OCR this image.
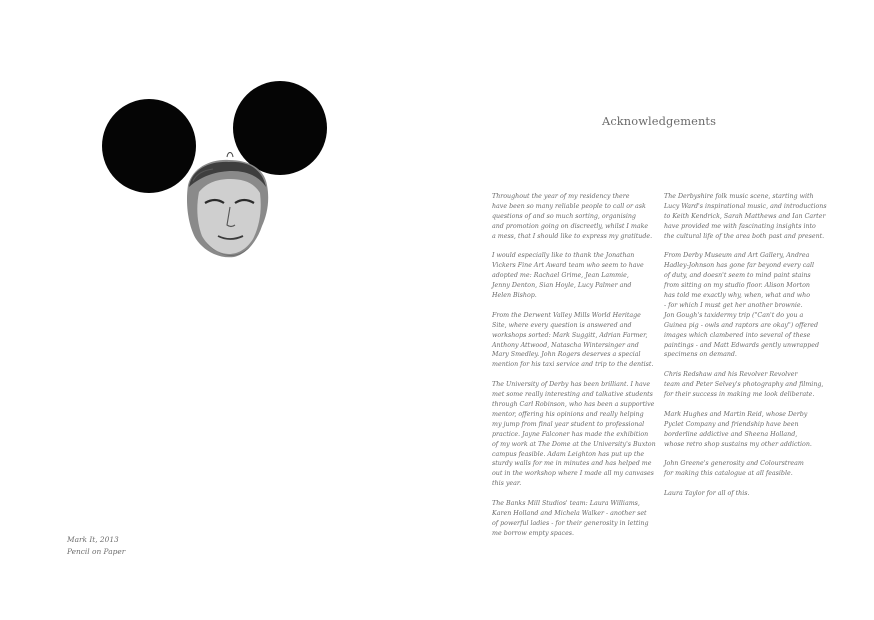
Mark It, 2013
Pencil on Paper
Acknowledgements

Throughout the year of my residency there
have been so many reliable people to call or ask
questions of and so much sorting, organising
and promotion going on discreetly, whilst I make
a mess, that I should like to express my gratitude.

I would especially like to thank the Jonathan
Vickers Fine Art Award team who seem to have
adopted me: Rachael Grime, Jean Lammie,
Jenny Denton, Sian Hoyle, Lucy Palmer and
Helen Bishop.

From the Derwent Valley Mills World Heritage
Site, where every question is answered and
workshops sorted: Mark Suggitt, Adrian Farmer,
Anthony Attwood, Natascha Wintersinger and
Mary Smedley. John Rogers deserves a special
mention for his taxi service and trip to the dentist.

The University of Derby has been brilliant. I have
met some really interesting and talkative students
through Carl Robinson, who has been a supportive
mentor, offering his opinions and really helping
my jump from final year student to professional
practice. Jayne Falconer has made the exhibition
of my work at The Dome at the University's Buxton
campus feasible. Adam Leighton has put up the
sturdy walls for me in minutes and has helped me
out in the workshop where I made all my canvases
this year.

The Banks Mill Studios' team: Laura Williams,
Karen Holland and Michela Walker - another set
of powerful ladies - for their generosity in letting
me borrow empty spaces.

The Derbyshire folk music scene, starting with
Lucy Ward's inspirational music, and introductions
to Keith Kendrick, Sarah Matthews and Ian Carter
have provided me with fascinating insights into
the cultural life of the area both past and present.

From Derby Museum and Art Gallery, Andrea
Hadley-Johnson has gone far beyond every call
of duty, and doesn't seem to mind paint stains
from sitting on my studio floor. Alison Morton
has told me exactly why, when, what and who
- for which I must get her another brownie.
Jon Gough's taxidermy trip ("Can't do you a
Guinea pig - owls and raptors are okay") offered
images which clambered into several of these
paintings - and Matt Edwards gently unwrapped
specimens on demand.

Chris Redshaw and his Revolver Revolver
team and Peter Selvey's photography and filming,
for their success in making me look deliberate.

Mark Hughes and Martin Reid, whose Derby
Pyclet Company and friendship have been
borderline addictive and Sheena Holland,
whose retro shop sustains my other addiction.

John Greene's generosity and Colourstream
for making this catalogue at all feasible.

Laura Taylor for all of this.
